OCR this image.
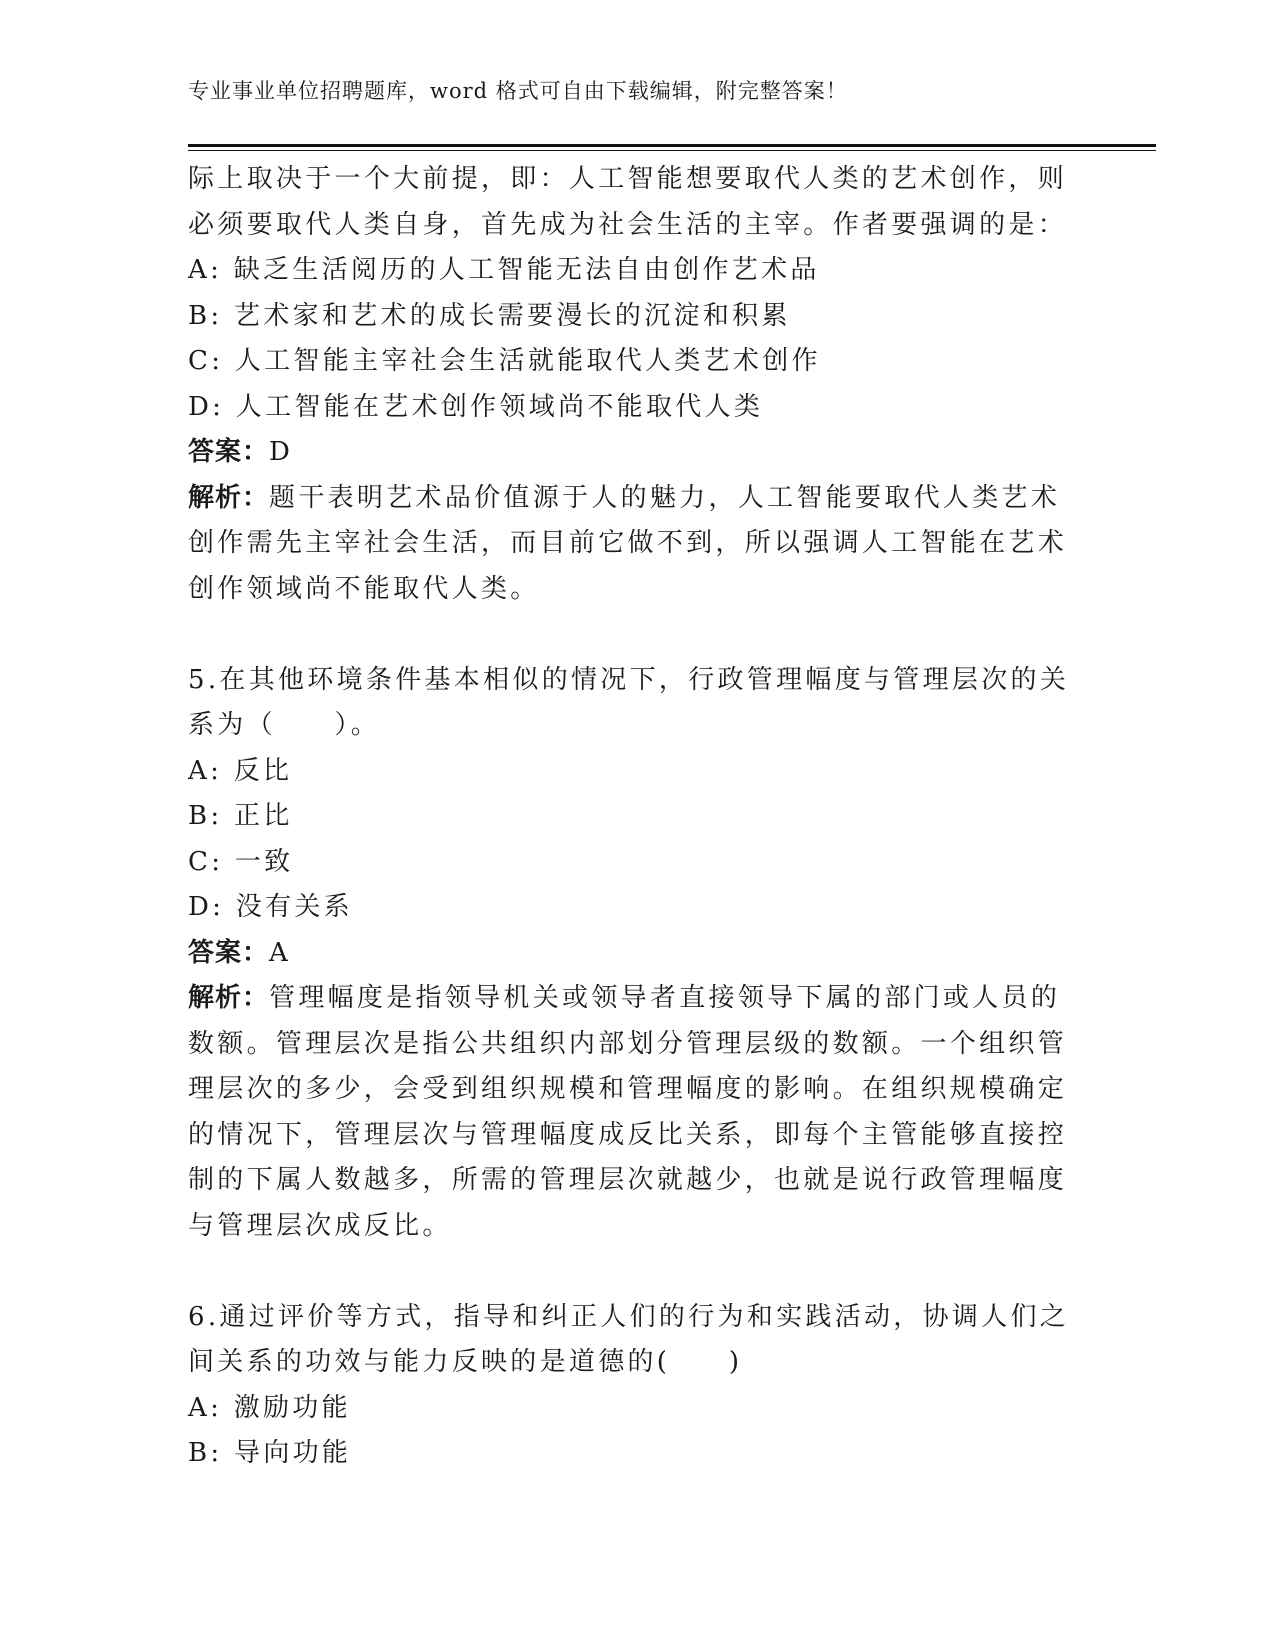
专业事业单位招聘题库，word 格式可自由下载编辑，附完整答案！
际上取决于一个大前提，即：人工智能想要取代人类的艺术创作，则
必须要取代人类自身，首先成为社会生活的主宰。作者要强调的是：
A: 缺乏生活阅历的人工智能无法自由创作艺术品
B: 艺术家和艺术的成长需要漫长的沉淀和积累
C: 人工智能主宰社会生活就能取代人类艺术创作
D: 人工智能在艺术创作领域尚不能取代人类
答案：D
解析：题干表明艺术品价值源于人的魅力，人工智能要取代人类艺术
创作需先主宰社会生活，而目前它做不到，所以强调人工智能在艺术
创作领域尚不能取代人类。
5.在其他环境条件基本相似的情况下，行政管理幅度与管理层次的关
系为（　　）。
A: 反比
B: 正比
C: 一致
D: 没有关系
答案：A
解析：管理幅度是指领导机关或领导者直接领导下属的部门或人员的
数额。管理层次是指公共组织内部划分管理层级的数额。一个组织管
理层次的多少，会受到组织规模和管理幅度的影响。在组织规模确定
的情况下，管理层次与管理幅度成反比关系，即每个主管能够直接控
制的下属人数越多，所需的管理层次就越少，也就是说行政管理幅度
与管理层次成反比。
6.通过评价等方式，指导和纠正人们的行为和实践活动，协调人们之
间关系的功效与能力反映的是道德的(　　)
A: 激励功能
B: 导向功能
